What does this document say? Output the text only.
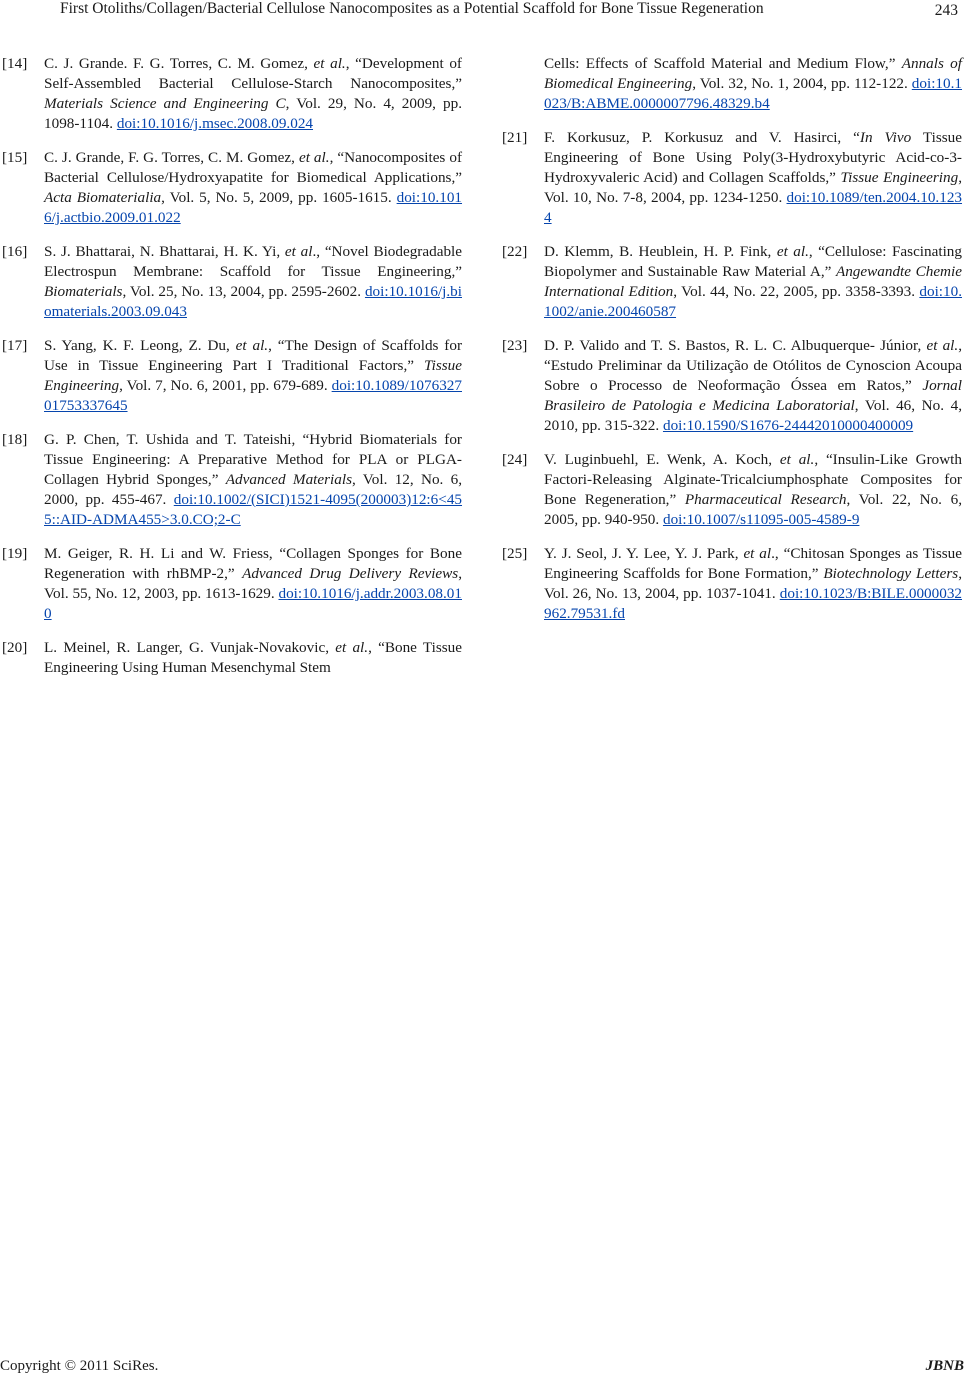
First Otoliths/Collagen/Bacterial Cellulose Nanocomposites as a Potential Scaffold for Bone Tissue Regeneration	243
[14]	C. J. Grande. F. G. Torres, C. M. Gomez, et al., “Development of Self-Assembled Bacterial Cellulose-Starch Nanocomposites,” Materials Science and Engineering C, Vol. 29, No. 4, 2009, pp. 1098-1104. doi:10.1016/j.msec.2008.09.024
[15]	C. J. Grande, F. G. Torres, C. M. Gomez, et al., “Nanocomposites of Bacterial Cellulose/Hydroxyapatite for Biomedical Applications,” Acta Biomaterialia, Vol. 5, No. 5, 2009, pp. 1605-1615. doi:10.1016/j.actbio.2009.01.022
[16]	S. J. Bhattarai, N. Bhattarai, H. K. Yi, et al., “Novel Biodegradable Electrospun Membrane: Scaffold for Tissue Engineering,” Biomaterials, Vol. 25, No. 13, 2004, pp. 2595-2602. doi:10.1016/j.biomaterials.2003.09.043
[17]	S. Yang, K. F. Leong, Z. Du, et al., “The Design of Scaffolds for Use in Tissue Engineering Part I Traditional Factors,” Tissue Engineering, Vol. 7, No. 6, 2001, pp. 679-689. doi:10.1089/107632701753337645
[18]	G. P. Chen, T. Ushida and T. Tateishi, “Hybrid Biomaterials for Tissue Engineering: A Preparative Method for PLA or PLGA-Collagen Hybrid Sponges,” Advanced Materials, Vol. 12, No. 6, 2000, pp. 455-467. doi:10.1002/(SICI)1521-4095(200003)12:6<455::AID-ADMA455>3.0.CO;2-C
[19]	M. Geiger, R. H. Li and W. Friess, “Collagen Sponges for Bone Regeneration with rhBMP-2,” Advanced Drug Delivery Reviews, Vol. 55, No. 12, 2003, pp. 1613-1629. doi:10.1016/j.addr.2003.08.010
[20]	L. Meinel, R. Langer, G. Vunjak-Novakovic, et al., “Bone Tissue Engineering Using Human Mesenchymal Stem
Cells: Effects of Scaffold Material and Medium Flow,” Annals of Biomedical Engineering, Vol. 32, No. 1, 2004, pp. 112-122. doi:10.1023/B:ABME.0000007796.48329.b4
[21]	F. Korkusuz, P. Korkusuz and V. Hasirci, “In Vivo Tissue Engineering of Bone Using Poly(3-Hydroxybutyric Acid-co-3-Hydroxyvaleric Acid) and Collagen Scaffolds,” Tissue Engineering, Vol. 10, No. 7-8, 2004, pp. 1234-1250. doi:10.1089/ten.2004.10.1234
[22]	D. Klemm, B. Heublein, H. P. Fink, et al., “Cellulose: Fascinating Biopolymer and Sustainable Raw Material A,” Angewandte Chemie International Edition, Vol. 44, No. 22, 2005, pp. 3358-3393. doi:10.1002/anie.200460587
[23]	D. P. Valido and T. S. Bastos, R. L. C. Albuquerque- Júnior, et al., “Estudo Preliminar da Utilização de Otólitos de Cynoscion Acoupa Sobre o Processo de Neoformação Óssea em Ratos,” Jornal Brasileiro de Patologia e Medicina Laboratorial, Vol. 46, No. 4, 2010, pp. 315-322. doi:10.1590/S1676-24442010000400009
[24]	V. Luginbuehl, E. Wenk, A. Koch, et al., “Insulin-Like Growth Factori-Releasing Alginate-Tricalciumphosphate Composites for Bone Regeneration,” Pharmaceutical Research, Vol. 22, No. 6, 2005, pp. 940-950. doi:10.1007/s11095-005-4589-9
[25]	Y. J. Seol, J. Y. Lee, Y. J. Park, et al., “Chitosan Sponges as Tissue Engineering Scaffolds for Bone Formation,” Biotechnology Letters, Vol. 26, No. 13, 2004, pp. 1037-1041. doi:10.1023/B:BILE.0000032962.79531.fd
Copyright © 2011 SciRes.	JBNB
